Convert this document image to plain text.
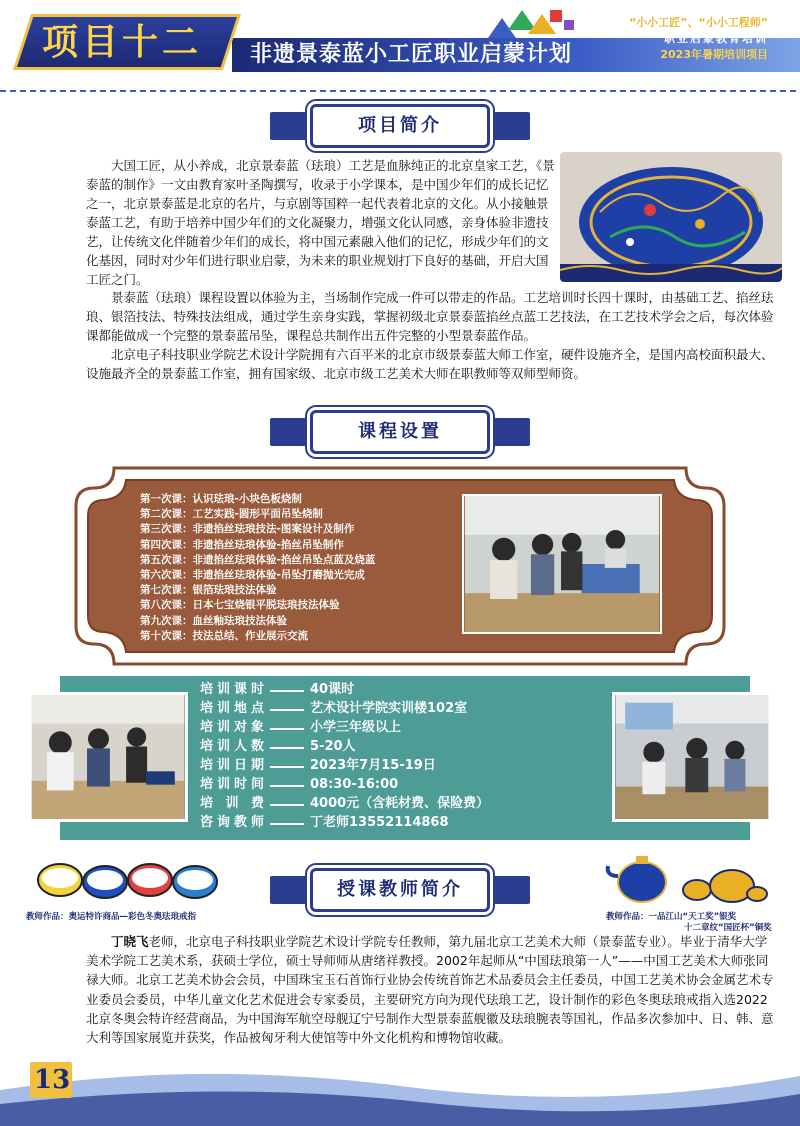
项目十二	非遗景泰蓝小工匠职业启蒙计划
“小小工匠”、“小小工程师”
职业启蒙教育培训
2023年暑期培训项目
项目简介

大国工匠，从小养成，北京景泰蓝（珐琅）工艺是血脉纯正的北京皇家工艺，《景泰蓝的制作》一文由教育家叶圣陶撰写，收录于小学课本，是中国少年们的成长记忆之一，北京景泰蓝是北京的名片，与京剧等国粹一起代表着北京的文化。从小接触景泰蓝工艺，有助于培养中国少年们的文化凝聚力，增强文化认同感，亲身体验非遗技艺，让传统文化伴随着少年们的成长，将中国元素融入他们的记忆，形成少年们的文化基因，同时对少年们进行职业启蒙，为未来的职业规划打下良好的基础，开启大国工匠之门。

景泰蓝（珐琅）课程设置以体验为主，当场制作完成一件可以带走的作品。工艺培训时长四十课时，由基础工艺、掐丝珐琅、银箔技法、特殊技法组成，通过学生亲身实践，掌握初级北京景泰蓝掐丝点蓝工艺技法，在工艺技术学会之后，每次体验课都能做成一个完整的景泰蓝吊坠，课程总共制作出五件完整的小型景泰蓝作品。

北京电子科技职业学院艺术设计学院拥有六百平米的北京市级景泰蓝大师工作室，硬件设施齐全，是国内高校面积最大、设施最齐全的景泰蓝工作室，拥有国家级、北京市级工艺美术大师在职教师等双师型师资。

课程设置
第一次课：认识珐琅-小块色板烧制
第二次课：工艺实践-圆形平面吊坠烧制
第三次课：非遗掐丝珐琅技法-图案设计及制作
第四次课：非遗掐丝珐琅体验-掐丝吊坠制作
第五次课：非遗掐丝珐琅体验-掐丝吊坠点蓝及烧蓝
第六次课：非遗掐丝珐琅体验-吊坠打磨抛光完成
第七次课：银箔珐琅技法体验
第八次课：日本七宝烧银平脱珐琅技法体验
第九次课：血丝釉珐琅技法体验
第十次课：技法总结、作业展示交流
培训课时	40课时
培训地点	艺术设计学院实训楼102室
培训对象	小学三年级以上
培训人数	5-20人
培训日期	2023年7月15-19日
培训时间	08:30-16:00
培训费	4000元（含耗材费、保险费）
咨询教师	丁老师13552114868
教师作品：奥运特许商品—彩色冬奥珐琅戒指
授课教师简介
教师作品：一品江山“天工奖”银奖
十二章纹“国匠杯”铜奖

丁晓飞老师，北京电子科技职业学院艺术设计学院专任教师，第九届北京工艺美术大师（景泰蓝专业）。毕业于清华大学美术学院工艺美术系，获硕士学位，硕士导师师从唐绪祥教授。2002年起师从“中国珐琅第一人”——中国工艺美术大师张同禄大师。北京工艺美术协会会员，中国珠宝玉石首饰行业协会传统首饰艺术品委员会主任委员，中国工艺美术协会金属艺术专业委员会委员，中华儿童文化艺术促进会专家委员，主要研究方向为现代珐琅工艺，设计制作的彩色冬奥珐琅戒指入选2022北京冬奥会特许经营商品，为中国海军航空母舰辽宁号制作大型景泰蓝舰徽及珐琅腕表等国礼，作品多次参加中、日、韩、意大利等国家展览并获奖，作品被匈牙利大使馆等中外文化机构和博物馆收藏。

13
